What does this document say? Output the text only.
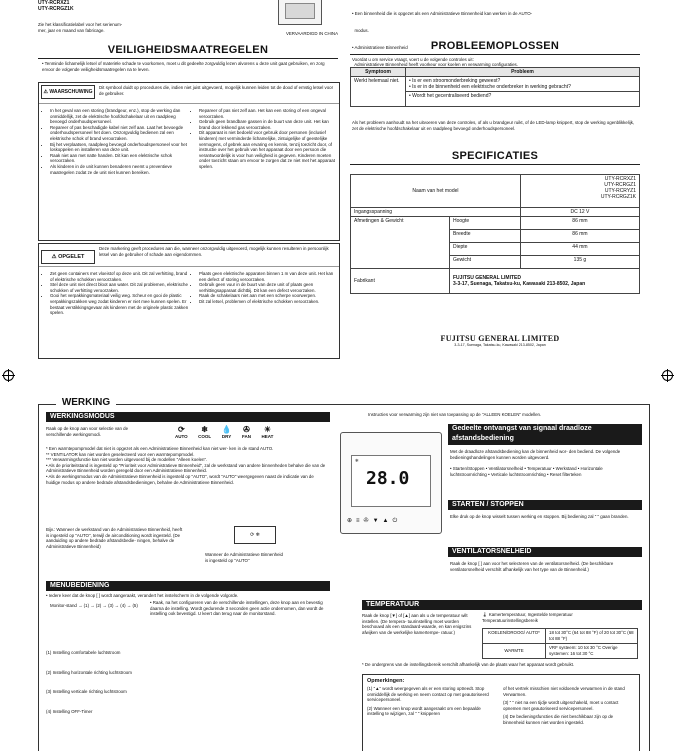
UTY-RCRXZ1
UTY-RCRGZ1K
Zie het klassificatielabel voor het serienum-
mer, jaar en maand van fabricage.
VERVAARDIGD IN CHINA
VEILIGHEIDSMAATREGELEN
• Tenminde lichamelijk letsel of materiële schade te voorkomen, moet u dit gedeelte zorgvuldig lezen alvorens u deze unit gaat gebruiken, en zorg ervoor de volgende veiligheidsmaatregelen na te leven.
⚠ WAARSCHUWING
Dit symbool duidt op procedures die, indien niet juist uitgevoerd, mogelijk kunnen leiden tot de dood of ernstig letsel voor de gebruiker.
• In het geval van een storing (brandgeur, enz.), stop de werking dan onmiddellijk, zet de elektrische hoofdschakelaar uit en raadpleeg bevoegd onderhoudspersoneel.
• Repareer of pas beschadigde kabel niet zelf aan. Laat het bevoegde onderhoudspersoneel het doen. Onzorgvuldig bedienen zal een elektrische schok of brand veroorzaken.
• Bij het verplaatsen, raadpleeg bevoegd onderhoudspersoneel voor het loskoppelen en installeren van deze unit.
• Raak niet aan met natte handen. Dit kan een elektrische schok veroorzaken.
• Als kinderen in de unit kunnen benaderen neemt u preventieve maatregelen zodat ze de unit niet kunnen bereiken.
• Repareer of pas niet zelf aan. Het kan een storing of een ongeval veroorzaken.
• Gebruik geen brandbare gassen in de buurt van deze unit. Het kan brand door lekkend gas veroorzaken.
• Dit apparaat is niet bedoeld voor gebruik door personen (inclusief kinderen) met verminderde lichamelijke, zintuigelijke of geestelijke vermogens, of gebrek aan ervaring en kennis, tenzij toezicht door, of instructie over het gebruik van het apparaat door een persoon die verantwoordelijk is voor hun veiligheid is gegeven. Kinderen moeten onder toezicht staan om ervoor te zorgen dat ze niet met het apparaat spelen.
⚠ OPGELET
Deze markering geeft procedures aan die, wanneer onzorgvuldig uitgevoerd, mogelijk kunnen resulteren in persoonlijk letsel van de gebruiker of schade aan eigendommen.
• Zet geen containers met vloeistof op deze unit. Dit zal verhitting, brand of elektrische schokken veroorzaken.
• Stel deze unit niet direct bloot aan water. Dit zal problemen, elektrische schokken of verhitting veroorzaken.
• Gooi het verpakkingsmateriaal veilig weg. Scheur en gooi de plastic verpakkingszakken weg zodat kinderen er niet mee kunnen spelen. Er bestaat verstikkingsgevaar als kinderen met de originele plastic zakken spelen.
• Plaats geen elektrische apparaten binnen 1 m van deze unit. Het kan een defect of storing veroorzaken.
• Gebruik geen vuur in de buurt van deze unit of plaats geen verhittingsapparaat dichtbij. Dit kan een defect veroorzaken.
• Raak de schakelaars niet aan met een scherpe voorwerpen.
• Dit zal letsel, problemen of elektrische schokken veroorzaken.

• Een binnenheid die is opgezet als een Administratieve Binnenheid kan werken in de AUTO-

modus.

• Administratieve Binnenheid

Administratieve Binnenheid heeft voorkeur voor koelen en verwarming configuraties.

PROBLEEMOPLOSSEN
Voordat u om service vraagt, voert u de volgende controles uit:
Symptoom	Probleem
Werkt helemaal niet.	• Is er een stroomonderbreking geweest?
• Is er in de binnenheid een elektrische onderbreker in werking gebracht?

	• Wordt het gecentraliseerd bediend?
Als het probleem aanhoudt na het uitvoeren van deze controles, of als u brandgeur ruikt, of de LED-lamp knippert, stop de werking ogenblikkelijk, zet de elektrische hoofdschakelaar uit en raadpleeg bevoegd onderhoudspersoneel.
SPECIFICATIES
Naam van het model		UTY-RCRXZ1
UTY-RCRGZ1
UTY-RCRYZ1
UTY-RCRGZ1K

Ingangsspanning		DC 12 V
Afmetingen & Gewicht	Hoogte	86 mm
	Breedte	86 mm
	Diepte	44 mm
	Gewicht	135 g
Fabrikant	FUJITSU GENERAL LIMITED
3-3-17, Suenaga, Takatsu-ku, Kawasaki 213-8502, Japan	
FUJITSU GENERAL LIMITED
3-3-17, Suenaga, Takatsu-ku, Kawasaki 213-8502, Japan
WERKING
WERKINGSMODUS
Raak op de knop aan voor selectie van de verschillende werkingsmodi.
⟳
AUTO
❄
COOL
💧
DRY
✇
FAN
☀
HEAT
* Een warmtepompmodel dat niet is opgezet als een Administratieve Binnenheid kan niet wer- ken in de stand AUTO.
** VENTILATOR kan niet worden geselecteerd voor een warmtepompmodel.
*** Verwarmingsfunctie kan niet worden uitgevoerd bij de modellen "Alleen koelen".
• Als de prioriteitstand is ingesteld op "Prioriteit voor Administratieve Binnenheid", zal de werkstand van andere binnenheden behalve die van de Administratieve Binnenheid worden geregeld door een Administratieve Binnenheid.
• Als de werkingsmodus van de Administratieve Binnenheid is ingesteld op "AUTO", wordt "AUTO" weergegeven naast de indicatie van de huidige modus op andere bedrade afstandsbedieningen, behalve de Administratieve Binnenheid.
Bijv.: Wanneer de werkstand van de Administratieve Binnenheid, heeft is ingesteld op "AUTO", terwijl de airconditioning wordt ingesteld. (De aanduiding op andere bedrade afstandsbedie- ningen, behalve de Administratieve Binnenheid)
⟳ ❄
Wanneer de Administratieve Binnenheid is ingesteld op "AUTO"
MENUBEDIENING
• Iedere keer dat de knop [ ] wordt aangeraakt, verandert het instelscherm in de volgende volgorde.
Monitor-stand → (1) → (2) → (3) → (4) → (5)
• Raak, na het configureren van de verschillende instellingen, deze knop aan en bevestig daarna de instelling. Wordt gedurende 3 seconden geen actie ondernomen, dan wordt de instelling ook bevestigd. U keert dan terug naar de monitorstand.
(1) Instelling comfortabele luchtstroom
(2) Instelling horizontale richting luchtstroom
(3) Instelling verticale richting luchtstroom
(4) Instelling OFF-Timer
Instructies voor verwarming zijn niet van toepassing op de "ALLEEN KOELEN" modellen.
❄
28.0
⊕≡✇▼▲⏻
Gedeelte ontvangst van signaal draadloze afstandsbediening
Met de draadloze afstandsbediening kan de binnenheid wor- den bediend. De volgende bedieningshandelingen kunnen worden uitgevoerd.
• Starten/Stoppen • Ventilatorsnelheid • Temperatuur • Werkstand • Horizontale luchtstroomrichting • Verticale luchtstroomrichting • Reset filterteken
STARTEN / STOPPEN
Elke druk op de knop wisselt tussen werking en stoppen. Bij bediening zal " " gaan branden.
VENTILATORSNELHEID
Raak de knop [ ] aan voor het selecteren van de ventilatorsnelheid. (De beschikbare ventilatorsnelheid verschilt afhankelijk van het type van de Binnenheid.)
TEMPERATUUR
Raak de knop [▼] of [▲] aan als u de temperatuur wilt instellen. (De tempera- tuurinstelling moet worden beschouwd als een standaard-waarde, en kan enigszins afwijken van de werkelijke kamertempe- ratuur.)
🌡 Kamertemperatuur, Ingestelde temperatuur
Temperatuurinstellingsbereik
KOELEN/DROOG/ AUTO*	18 tot 30°C (64 tot 88 °F) of 20 tot 30°C (68 tot 88 °F)
WARMTE	VRF systeem: 10 tot 30 °C Overige systemen: 16 tot 30 °C
* De ondergrens van de instellingsbereik verschilt afhankelijk van de plaats waar het apparaat wordt gebruikt.
Opmerkingen:
(1) "▲" wordt weergegeven als er een storing optreedt. Stop onmiddellijk de werking en neem contact op met geautoriseerd servicepersoneel.
(2) Wanneer een knop wordt aangeraakt om een bepaalde instelling te wijzigen, zal " " knipperen
of het vertrek misschien niet voldoende verwarmen in de stand Verwarmen.
(3) " " niet na een tijdje wordt uitgeschakeld, moet u contact opnemen met geautoriseerd servicepersoneel.
(4) De bedieningsfuncties die niet beschikbaar zijn op de binnenheid kunnen niet worden ingesteld.
